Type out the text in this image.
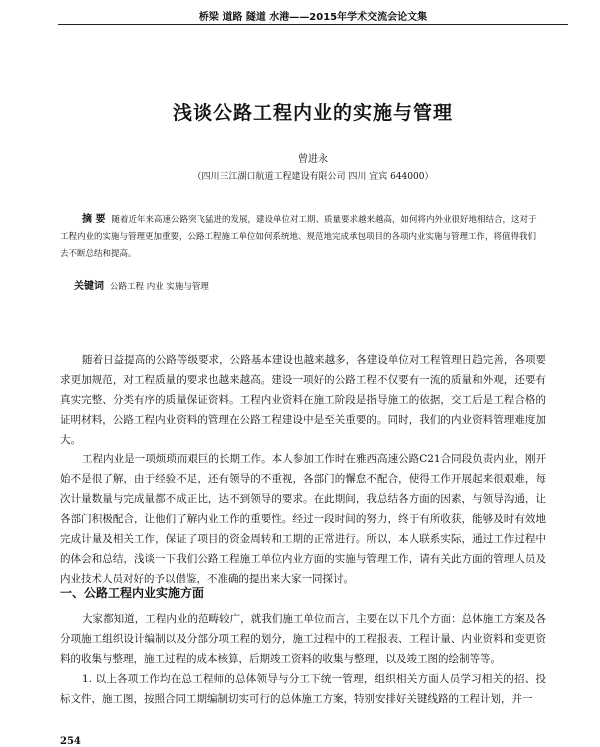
桥梁 道路 隧道 水港——2015年学术交流会论文集
浅谈公路工程内业的实施与管理
曾进永
（四川三江湖口航道工程建设有限公司 四川 宜宾 644000）
摘 要 随着近年来高速公路突飞猛进的发展，建设单位对工期、质量要求越来越高，如何将内外业很好地相结合，这对于工程内业的实施与管理更加重要，公路工程施工单位如何系统地、规范地完成承包项目的各项内业实施与管理工作，将值得我们去不断总结和提高。
关键词 公路工程 内业 实施与管理
随着日益提高的公路等级要求，公路基本建设也越来越多，各建设单位对工程管理日趋完善，各项要求更加规范，对工程质量的要求也越来越高。建设一项好的公路工程不仅要有一流的质量和外观，还要有真实完整、分类有序的质量保证资料。工程内业资料在施工阶段是指导施工的依据，交工后是工程合格的证明材料，公路工程内业资料的管理在公路工程建设中是至关重要的。同时，我们的内业资料管理难度加大。
工程内业是一项烦琐而艰巨的长期工作。本人参加工作时在雅西高速公路C21合同段负责内业，刚开始不是很了解，由于经验不足，还有领导的不重视，各部门的懈怠不配合，使得工作开展起来很艰难，每次计量数量与完成量都不成正比，达不到领导的要求。在此期间，我总结各方面的因素，与领导沟通，让各部门积极配合，让他们了解内业工作的重要性。经过一段时间的努力，终于有所收获，能够及时有效地完成计量及相关工作，保证了项目的资金周转和工期的正常进行。所以，本人联系实际，通过工作过程中的体会和总结，浅谈一下我们公路工程施工单位内业方面的实施与管理工作，请有关此方面的管理人员及内业技术人员对好的予以借鉴，不准确的提出来大家一同探讨。
一、公路工程内业实施方面
大家都知道，工程内业的范畴较广，就我们施工单位而言，主要在以下几个方面：总体施工方案及各分项施工组织设计编制以及分部分项工程的划分，施工过程中的工程报表、工程计量、内业资料和变更资料的收集与整理，施工过程的成本核算，后期竣工资料的收集与整理，以及竣工图的绘制等等。
1. 以上各项工作均在总工程师的总体领导与分工下统一管理，组织相关方面人员学习相关的招、投标文件，施工图，按照合同工期编制切实可行的总体施工方案，特别安排好关键线路的工程计划，并一
254
